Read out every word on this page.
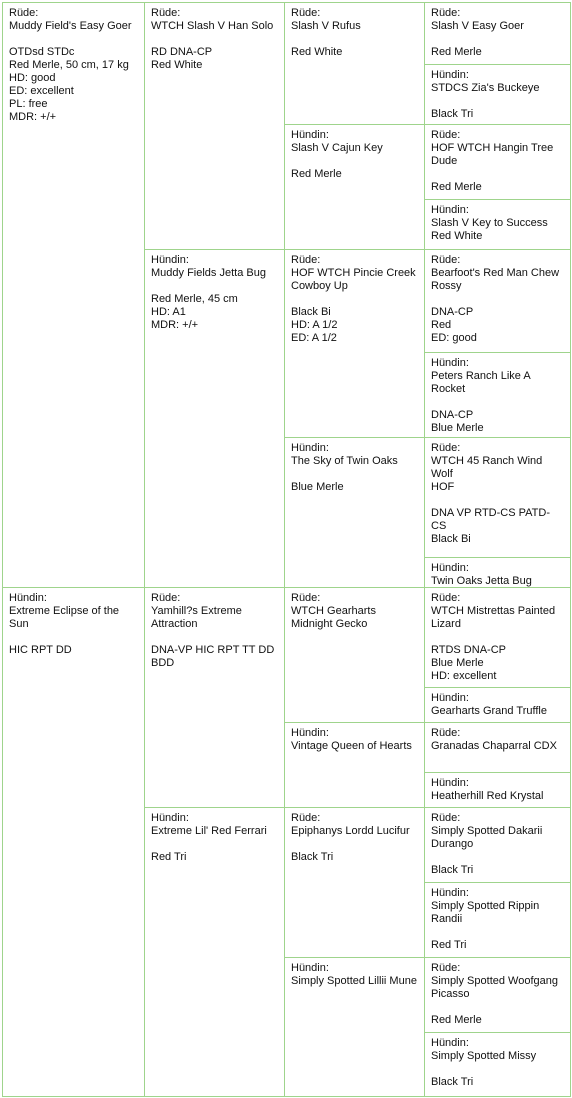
Rüde:

Muddy Field's Easy Goer

OTDsd STDc

Red Merle, 50 cm, 17 kg

HD: good

ED: excellent

PL: free

MDR: +/+

Hündin:

Extreme Eclipse of the Sun

HIC RPT DD

Rüde:

WTCH Slash V Han Solo

RD DNA-CP

Red White

Hündin:

Muddy Fields Jetta Bug

Red Merle, 45 cm

HD: A1

MDR: +/+

Rüde:

Yamhill?s Extreme Attraction

DNA-VP HIC RPT TT DD BDD

Hündin:

Extreme Lil' Red Ferrari

Red Tri

Rüde:

Slash V Rufus

Red White

Hündin:

Slash V Cajun Key

Red Merle

Rüde:

HOF WTCH Pincie Creek Cowboy Up

Black Bi

HD: A 1/2

ED: A 1/2

Hündin:

The Sky of Twin Oaks

Blue Merle

Rüde:

WTCH Gearharts Midnight Gecko

Hündin:

Vintage Queen of Hearts

Rüde:

Epiphanys Lordd Lucifur

Black Tri

Hündin:

Simply Spotted Lillii Mune

Rüde:

Slash V Easy Goer

Red Merle

Hündin:

STDCS Zia's Buckeye

Black Tri

Rüde:

HOF WTCH Hangin Tree Dude

Red Merle

Hündin:

Slash V Key to Success

Red White

Rüde:

Bearfoot's Red Man Chew Rossy

DNA-CP

Red

ED: good

Hündin:

Peters Ranch Like A Rocket

DNA-CP

Blue Merle

Rüde:

WTCH 45 Ranch Wind Wolf

HOF

DNA VP RTD-CS PATD-CS

Black Bi

Hündin:

Twin Oaks Jetta Bug

Rüde:

WTCH Mistrettas Painted Lizard

RTDS DNA-CP

Blue Merle

HD: excellent

Hündin:

Gearharts Grand Truffle

Rüde:

Granadas Chaparral CDX

Hündin:

Heatherhill Red Krystal

Rüde:

Simply Spotted Dakarii Durango

Black Tri

Hündin:

Simply Spotted Rippin Randii

Red Tri

Rüde:

Simply Spotted Woofgang Picasso

Red Merle

Hündin:

Simply Spotted Missy

Black Tri
